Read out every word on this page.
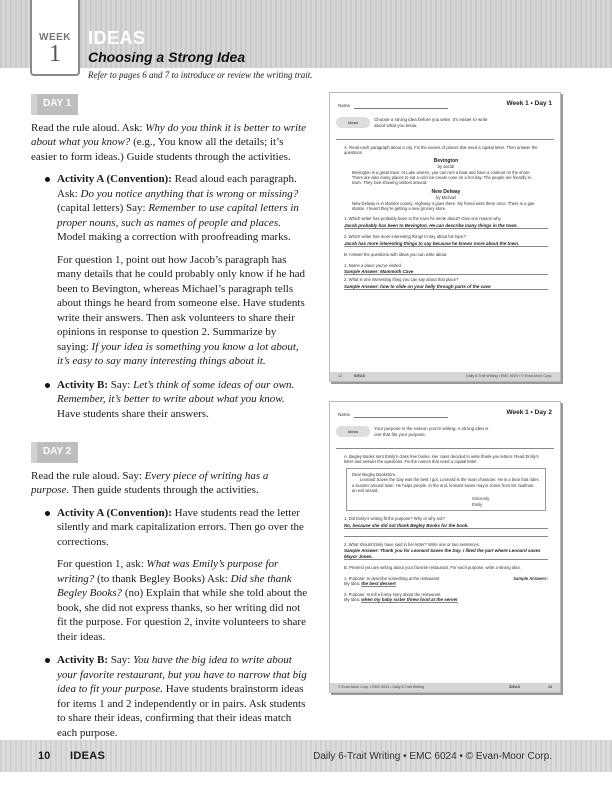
WEEK
1
IDEAS
Choosing a Strong Idea
Refer to pages 6 and 7 to introduce or review the writing trait.
DAY 1

Read the rule aloud. Ask: Why do you think it is better to write about what you know? (e.g., You know all the details; it’s easier to form ideas.) Guide students through the activities.

Activity A (Convention): Read aloud each paragraph. Ask: Do you notice anything that is wrong or missing? (capital letters) Say: Remember to use capital letters in proper nouns, such as names of people and places. Model making a correction with proofreading marks.

For question 1, point out how Jacob’s paragraph has many details that he could probably only know if he had been to Bevington, whereas Michael’s paragraph tells about things he heard from someone else. Have students write their answers. Then ask volunteers to share their opinions in response to question 2. Summarize by saying: If your idea is something you know a lot about, it’s easy to say many interesting things about it.

Activity B: Say: Let’s think of some ideas of our own. Remember, it’s better to write about what you know. Have students share their answers.
DAY 2

Read the rule aloud. Say: Every piece of writing has a purpose. Then guide students through the activities.

Activity A (Convention): Have students read the letter silently and mark capitalization errors. Then go over the corrections.

For question 1, ask: What was Emily’s purpose for writing? (to thank Begley Books) Ask: Did she thank Begley Books? (no) Explain that while she told about the book, she did not express thanks, so her writing did not fit the purpose. For question 2, invite volunteers to share their ideas.

Activity B: Say: You have the big idea to write about your favorite restaurant, but you have to narrow that big idea to fit your purpose. Have students brainstorm ideas for items 1 and 2 independently or in pairs. Ask students to share their ideas, confirming that their ideas match each purpose.
Name	Week 1 • Day 1
Ideas
Choose a strong idea before you write. It’s easier to write about what you know.
A. Read each paragraph about a city. Fix the names of places that need a capital letter. Then answer the questions.
Bevington
by Jacob
Bevington is a great town. At Lake warren, you can rent a boat and have a cookout on the shore. There are also many places to eat a cold ice-cream cone on a hot day. The people are friendly in town. They love showing visitors around.
New Delway
by Michael
New Delway is in Monitor county, Highway 4 goes there. My friend went there once. There is a gas station. I heard they’re getting a new grocery store.
1. Which writer has probably been to the town he wrote about? Give one reason why.
Jacob probably has been to Bevington. He can describe many things in the town.
2. Which writer has more interesting things to say about his topic?
Jacob has more interesting things to say because he knows more about the town.
B. Answer the questions with ideas you can write about.
1. Name a place you’ve visited.
Sample Answer: Mammoth Cave
2. What is one interesting thing you can say about that place?
Sample Answer: how to slide on your belly through parts of the cave
12	IDEAS	Daily 6-Trait Writing • EMC 6024 • © Evan-Moor Corp.
Name	Week 1 • Day 2
Ideas
Your purpose is the reason you’re writing. A strong idea is one that fits your purpose.
A. Begley Books sent Emily’s class free books. Her class decided to write thank-you letters. Read Emily’s letter and answer the questions. Fix the names that need a capital letter.
Dear Begley Bookstore,
Leonard Saves the Day was the best I got. Leonard is the main character. He is a bear that rides a scooter around town. He helps people. In the end, leonard saves mayor Jones from Mr. badman, an evil wizard.
Sincerely,
Emily
1. Did Emily’s writing fit the purpose? Why or why not?
No, because she did not thank Begley Books for the book.
2. What should Emily have said in her letter? Write one or two sentences.
Sample Answer: Thank you for Leonard Saves the Day. I liked the part where Leonard saves Mayor Jones.
B. Pretend you are writing about your favorite restaurant. For each purpose, write a strong idea.
1. Purpose: to describe something at the restaurant	Sample Answers:
My Idea: the best dessert
2. Purpose: to tell a funny story about the restaurant
My Idea: when my baby sister threw food at the server
© Evan-Moor Corp. • EMC 6024 • Daily 6-Trait Writing	IDEAS	13
10 IDEAS	Daily 6-Trait Writing • EMC 6024 • © Evan-Moor Corp.
